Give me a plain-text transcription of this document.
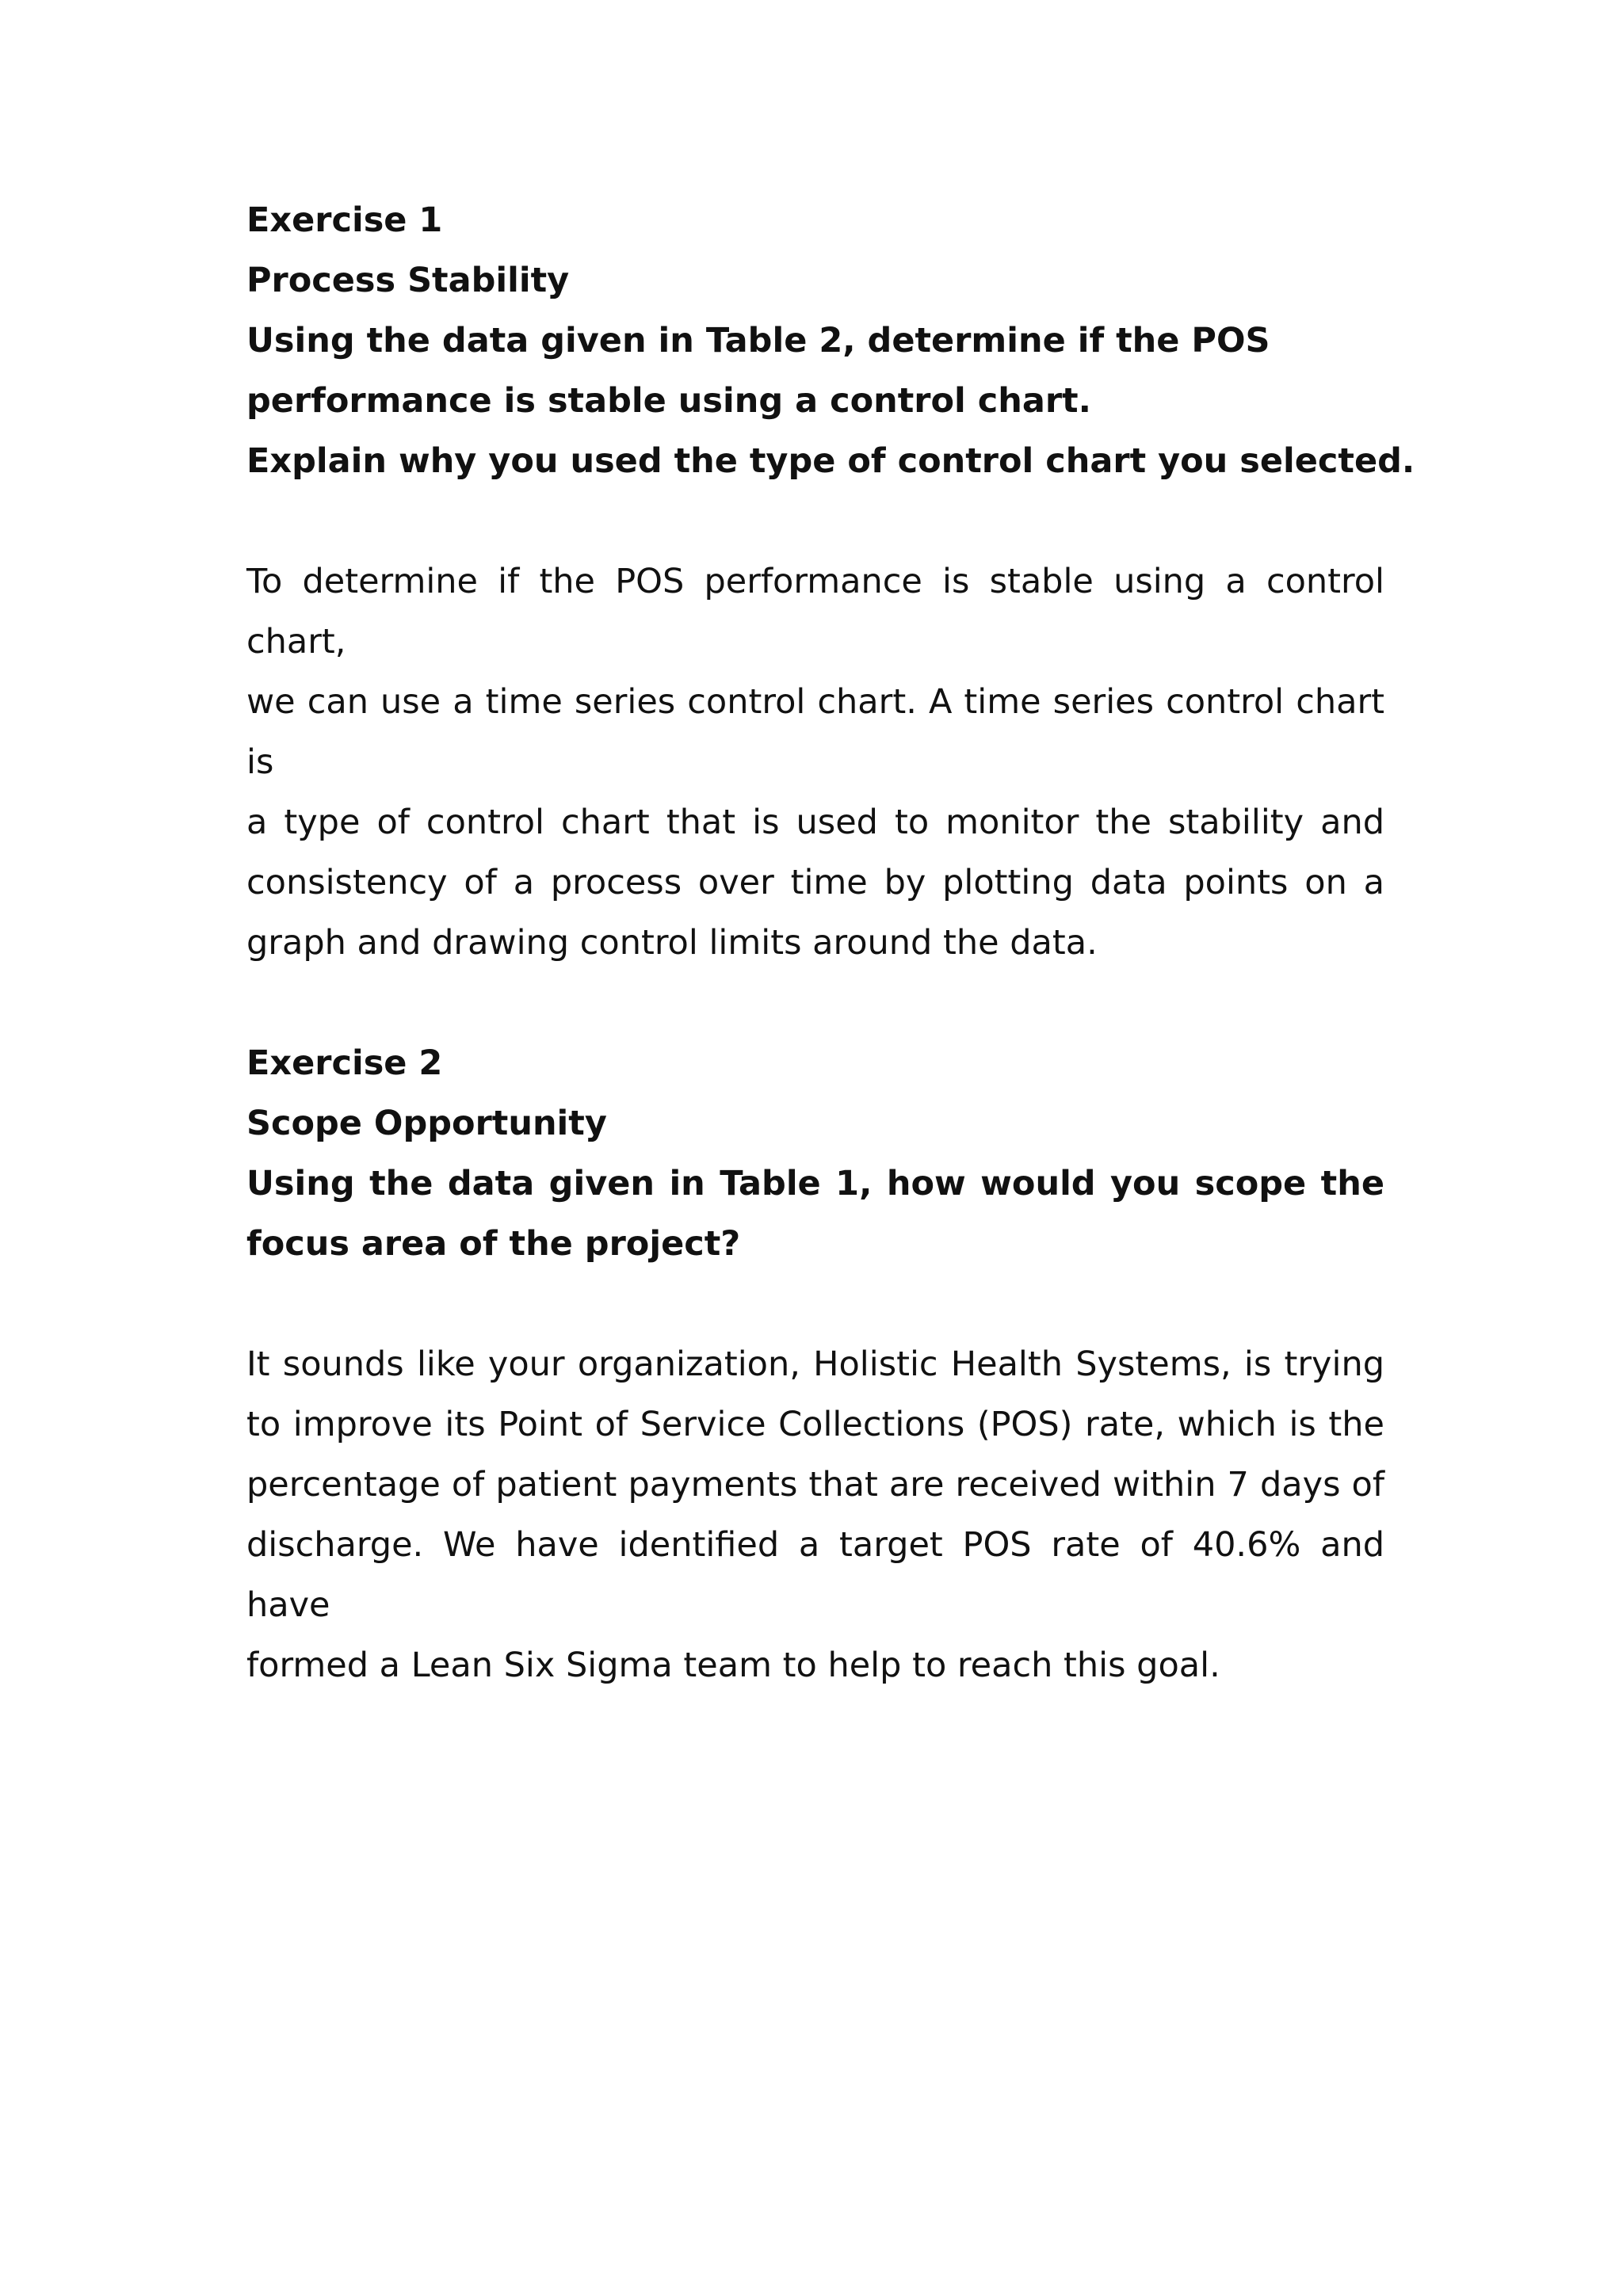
Exercise 1
Process Stability
Using the data given in Table 2, determine if the POS
performance is stable using a control chart.
Explain why you used the type of control chart you selected.
To determine if the POS performance is stable using a control chart,
we can use a time series control chart. A time series control chart is
a type of control chart that is used to monitor the stability and
consistency of a process over time by plotting data points on a
graph and drawing control limits around the data.
Exercise 2
Scope Opportunity
Using the data given in Table 1, how would you scope the
focus area of the project?
It sounds like your organization, Holistic Health Systems, is trying
to improve its Point of Service Collections (POS) rate, which is the
percentage of patient payments that are received within 7 days of
discharge. We have identified a target POS rate of 40.6% and have
formed a Lean Six Sigma team to help to reach this goal.
